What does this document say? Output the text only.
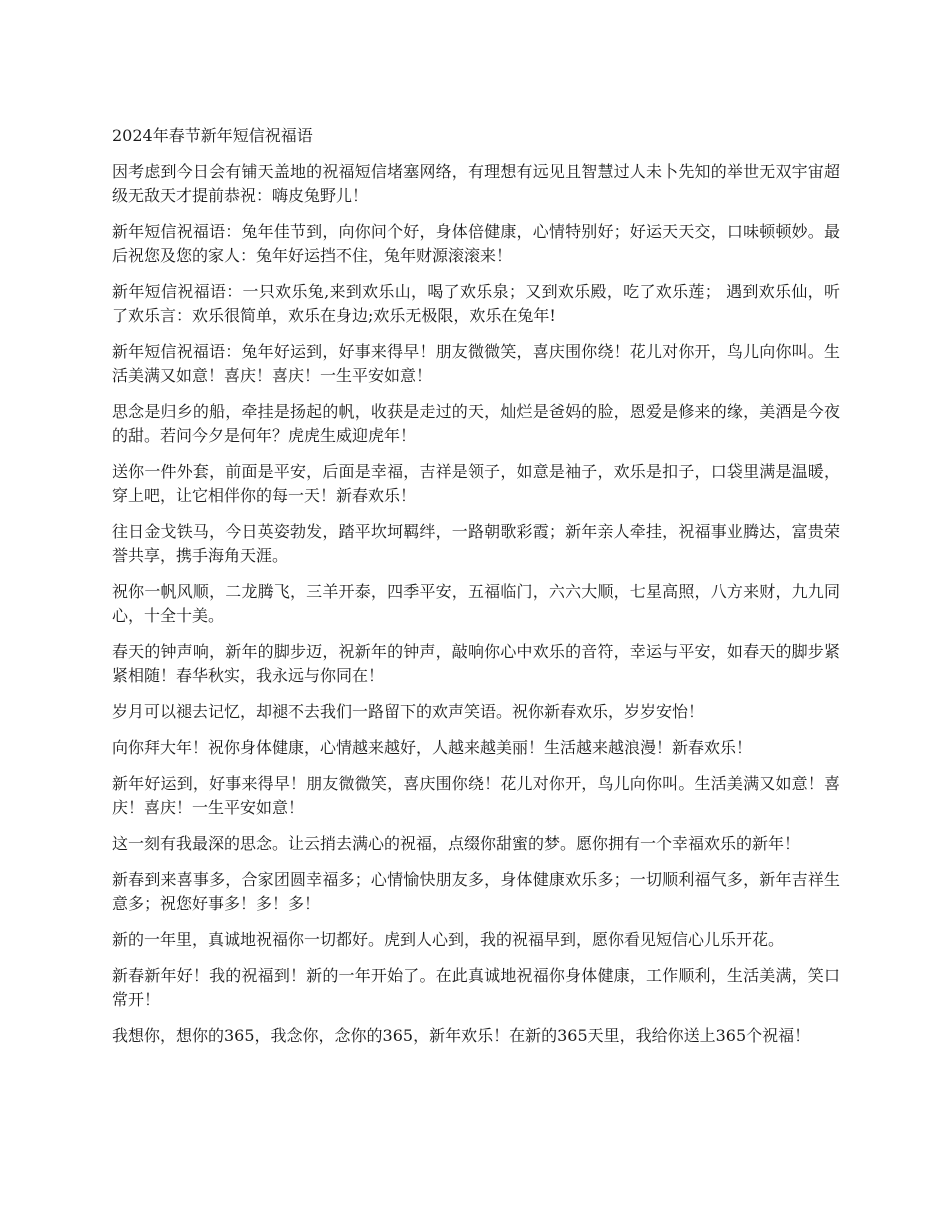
2024年春节新年短信祝福语

因考虑到今日会有铺天盖地的祝福短信堵塞网络，有理想有远见且智慧过人未卜先知的举世无双宇宙超级无敌天才提前恭祝：嗨皮兔野儿！

新年短信祝福语：兔年佳节到，向你问个好，身体倍健康，心情特别好；好运天天交，口味顿顿妙。最后祝您及您的家人：兔年好运挡不住，兔年财源滚滚来！

新年短信祝福语：一只欢乐兔,来到欢乐山，喝了欢乐泉；又到欢乐殿，吃了欢乐莲； 遇到欢乐仙，听了欢乐言：欢乐很简单，欢乐在身边;欢乐无极限，欢乐在兔年!

新年短信祝福语：兔年好运到，好事来得早！朋友微微笑，喜庆围你绕！花儿对你开，鸟儿向你叫。生活美满又如意！喜庆！喜庆！一生平安如意！

思念是归乡的船，牵挂是扬起的帆，收获是走过的天，灿烂是爸妈的脸，恩爱是修来的缘，美酒是今夜的甜。若问今夕是何年？虎虎生威迎虎年！

送你一件外套，前面是平安，后面是幸福，吉祥是领子，如意是袖子，欢乐是扣子，口袋里满是温暖，穿上吧，让它相伴你的每一天！新春欢乐！

往日金戈铁马，今日英姿勃发，踏平坎坷羁绊，一路朝歌彩霞；新年亲人牵挂，祝福事业腾达，富贵荣誉共享，携手海角天涯。

祝你一帆风顺，二龙腾飞，三羊开泰，四季平安，五福临门，六六大顺，七星高照，八方来财，九九同心，十全十美。

春天的钟声响，新年的脚步迈，祝新年的钟声，敲响你心中欢乐的音符，幸运与平安，如春天的脚步紧紧相随！春华秋实，我永远与你同在！

岁月可以褪去记忆，却褪不去我们一路留下的欢声笑语。祝你新春欢乐，岁岁安怡！

向你拜大年！祝你身体健康，心情越来越好，人越来越美丽！生活越来越浪漫！新春欢乐！

新年好运到，好事来得早！朋友微微笑，喜庆围你绕！花儿对你开，鸟儿向你叫。生活美满又如意！喜庆！喜庆！一生平安如意！

这一刻有我最深的思念。让云捎去满心的祝福，点缀你甜蜜的梦。愿你拥有一个幸福欢乐的新年！

新春到来喜事多，合家团圆幸福多；心情愉快朋友多，身体健康欢乐多；一切顺利福气多，新年吉祥生意多；祝您好事多！多！多！

新的一年里，真诚地祝福你一切都好。虎到人心到，我的祝福早到，愿你看见短信心儿乐开花。

新春新年好！我的祝福到！新的一年开始了。在此真诚地祝福你身体健康，工作顺利，生活美满，笑口常开！

我想你，想你的365，我念你，念你的365，新年欢乐！在新的365天里，我给你送上365个祝福！
